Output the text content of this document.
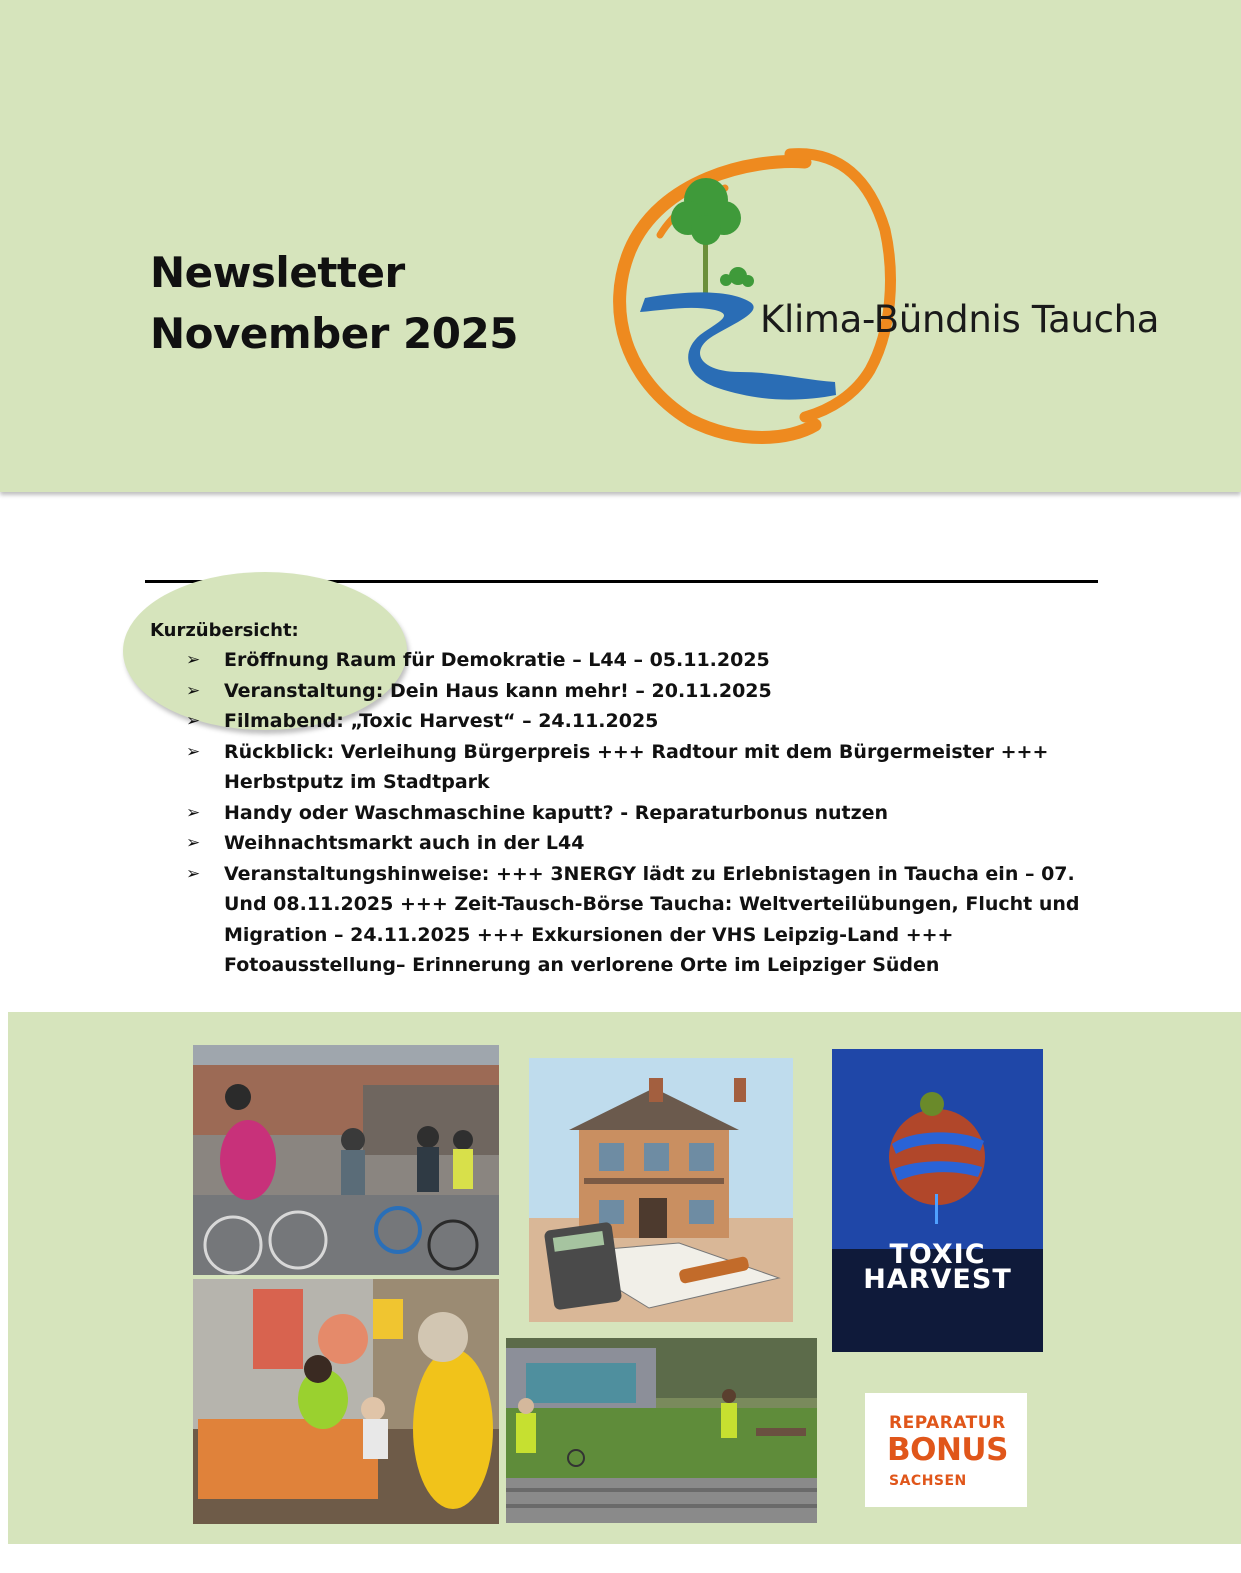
Newsletter
November 2025	Klima-Bündnis Taucha
Kurzübersicht:
➢ Eröffnung Raum für Demokratie – L44 – 05.11.2025
➢ Veranstaltung: Dein Haus kann mehr! – 20.11.2025
➢ Filmabend: „Toxic Harvest“ – 24.11.2025
➢ Rückblick: Verleihung Bürgerpreis +++ Radtour mit dem Bürgermeister +++ Herbstputz im Stadtpark
➢ Handy oder Waschmaschine kaputt? - Reparaturbonus nutzen
➢ Weihnachtsmarkt auch in der L44
➢ Veranstaltungshinweise: +++ 3NERGY lädt zu Erlebnistagen in Taucha ein – 07. Und 08.11.2025 +++ Zeit-Tausch-Börse Taucha: Weltverteilübungen, Flucht und Migration – 24.11.2025 +++ Exkursionen der VHS Leipzig-Land +++ Fotoausstellung– Erinnerung an verlorene Orte im Leipziger Süden
TOXIC
HARVEST
REPARATUR
BONUS
SACHSEN
